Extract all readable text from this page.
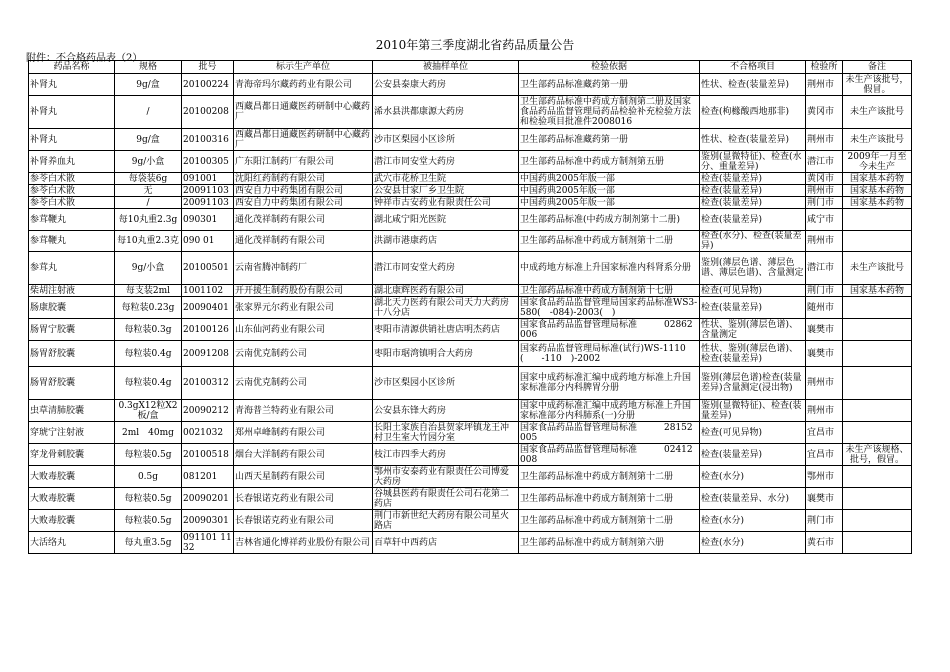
2010年第三季度湖北省药品质量公告
附件：不合格药品表（2）
药品名称	规格	批号	标示生产单位	被抽样单位	检验依据	不合格项目	检验所	备注
补肾丸	9g/盒	20100224	青海帝玛尔藏药药业有限公司	公安县泰康大药房	卫生部药品标准藏药第一册	性状、检查(装量差异)	荆州市	未生产该批号，假冒。
补肾丸	/	20100208	西藏昌都日通藏医药研制中心藏药厂	浠水县洪都康源大药房	卫生部药品标准中药成方制剂第二册及国家食品药品监督管理局药品检验补充检验方法和检验项目批准件2008016	检查(枸橼酸西地那非)	黄冈市	未生产该批号
补肾丸	9g/盒	20100316	西藏昌都日通藏医药研制中心藏药厂	沙市区梨园小区诊所	卫生部药品标准藏药第一册	性状、检查(装量差异)	荆州市	未生产该批号
补肾养血丸	9g/小盒	20100305	广东阳江制药厂有限公司	潜江市同安堂大药房	卫生部药品标准中药成方制剂第五册	鉴别(显微特征)、检查(水分、重量差异)	潜江市	2009年一月至今未生产
参苓白术散	每袋装6g	091001	沈阳红药制药有限公司	武穴市花桥卫生院	中国药典2005年版一部	检查(装量差异)	黄冈市	国家基本药物
参苓白术散	无	20091103	西安自力中药集团有限公司	公安县甘家厂乡卫生院	中国药典2005年版一部	检查(装量差异)	荆州市	国家基本药物
参苓白术散	/	20091103	西安自力中药集团有限公司	钟祥市古安药业有限责任公司	中国药典2005年版一部	检查(装量差异)	荆门市	国家基本药物
参茸鞭丸	每10丸重2.3g	090301	通化茂祥制药有限公司	湖北咸宁阳光医院	卫生部药品标准(中药成方制剂第十二册)	检查(装量差异)	咸宁市	
参茸鞭丸	每10丸重2.3克	090 01	通化茂祥制药有限公司	洪湖市港康药店	卫生部药品标准中药成方制剂第十二册	检查(水分)、检查(装量差异)	荆州市	
参茸丸	9g/小盒	20100501	云南省腾冲制药厂	潜江市同安堂大药房	中成药地方标准上升国家标准内科肾系分册	鉴别(薄层色谱、薄层色谱、薄层色谱)、含量测定	潜江市	未生产该批号
柴胡注射液	每支装2ml	1001102	开开援生制药股份有限公司	湖北康辉医药有限公司	卫生部药品标准中药成方制剂第十七册	检查(可见异物)	荆门市	国家基本药物
肠康胶囊	每粒装0.23g	20090401	张家界元尔药业有限公司	湖北天力医药有限公司天力大药房十八分店	国家食品药品监督管理局国家药品标准WS3-580(　-084)-2003(　)	检查(装量差异)	随州市	
肠胃宁胶囊	每粒装0.3g	20100126	山东仙河药业有限公司	枣阳市清源供销社唐店明杰药店	国家食品药品监督管理局标准　　　02862006	性状、鉴别(薄层色谱)、含量测定	襄樊市	
肠胃舒胶囊	每粒装0.4g	20091208	云南优克制药公司	枣阳市琚湾镇明合大药房	国家药品监督管理局标准(试行)WS-1110　(　　-110　)-2002	性状、鉴别(薄层色谱)、检查(装量差异)	襄樊市	
肠胃舒胶囊	每粒装0.4g	20100312	云南优克制药公司	沙市区梨园小区诊所	国家中成药标准汇编中成药地方标准上升国家标准部分内科脾胃分册	鉴别(薄层色谱)检查(装量差异)含量测定(浸出物)	荆州市	
虫草清肺胶囊	0.3gX12粒X2板/盒	20090212	青海普兰特药业有限公司	公安县东锋大药房	国家中成药标准汇编中成药地方标准上升国家标准部分内科肺系(一)分册	鉴别(显微特征)、检查(装量差异)	荆州市	
穿琥宁注射液	2ml　40mg	0021032	郑州卓峰制药有限公司	长阳土家族自治县贺家坪镇龙王冲村卫生室大竹园分室	国家食品药品监督管理局标准　　　28152005	检查(可见异物)	宜昌市	
穿龙骨刺胶囊	每粒装0.5g	20100518	烟台大洋制药有限公司	枝江市四季大药房	国家食品药品监督管理局标准　　　02412008	检查(装量差异)	宜昌市	未生产该规格、批号，假冒。
大败毒胶囊	0.5g	081201	山西天星制药有限公司	鄂州市安泰药业有限责任公司博爱大药房	卫生部药品标准中药成方制剂第十二册	检查(水分)	鄂州市	
大败毒胶囊	每粒装0.5g	20090201	长春银诺克药业有限公司	谷城县医药有限责任公司石花第二药店	卫生部药品标准中药成方制剂第十二册	检查(装量差异、水分)	襄樊市	
大败毒胶囊	每粒装0.5g	20090301	长春银诺克药业有限公司	荆门市新世纪大药房有限公司星火路店	卫生部药品标准中药成方制剂第十二册	检查(水分)	荆门市	
大活络丸	每丸重3.5g	091101 11 32	吉林省通化博祥药业股份有限公司	百草轩中西药店	卫生部药品标准中药成方制剂第六册	检查(水分)	黄石市	
